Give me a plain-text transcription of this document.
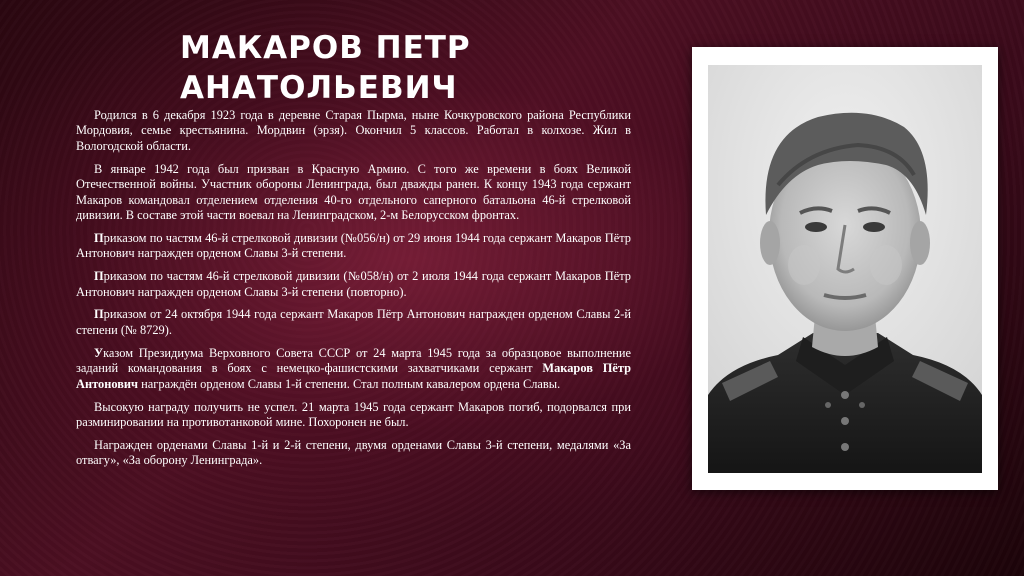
МАКАРОВ ПЕТР
АНАТОЛЬЕВИЧ

Родился в 6 декабря 1923 года в деревне Старая Пырма, ныне Кочкуровского района Республики Мордовия, семье крестьянина. Мордвин (эрзя). Окончил 5 классов. Работал в колхозе. Жил в Вологодской области.

В январе 1942 года был призван в Красную Армию. С того же времени в боях Великой Отечественной войны. Участник обороны Ленинграда, был дважды ранен. К концу 1943 года сержант Макаров командовал отделением отделения 40-го отдельного саперного батальона 46-й стрелковой дивизии. В составе этой части воевал на Ленинградском, 2-м Белорусском фронтах.

Приказом по частям 46-й стрелковой дивизии (№056/н) от 29 июня 1944 года сержант Макаров Пётр Антонович награжден орденом Славы 3-й степени.

Приказом по частям 46-й стрелковой дивизии (№058/н) от 2 июля 1944 года сержант Макаров Пётр Антонович награжден орденом Славы 3-й степени (повторно).

Приказом от 24 октября 1944 года сержант Макаров Пётр Антонович награжден орденом Славы 2-й степени (№ 8729).

Указом Президиума Верховного Совета СССР от 24 марта 1945 года за образцовое выполнение заданий командования в боях с немецко-фашистскими захватчиками сержант Макаров Пётр Антонович награждён орденом Славы 1-й степени. Стал полным кавалером ордена Славы.

Высокую награду получить не успел. 21 марта 1945 года сержант Макаров погиб, подорвался при разминировании на противотанковой мине. Похоронен не был.

Награжден орденами Славы 1-й и 2-й степени, двумя орденами Славы 3-й степени, медалями «За отвагу», «За оборону Ленинграда».
